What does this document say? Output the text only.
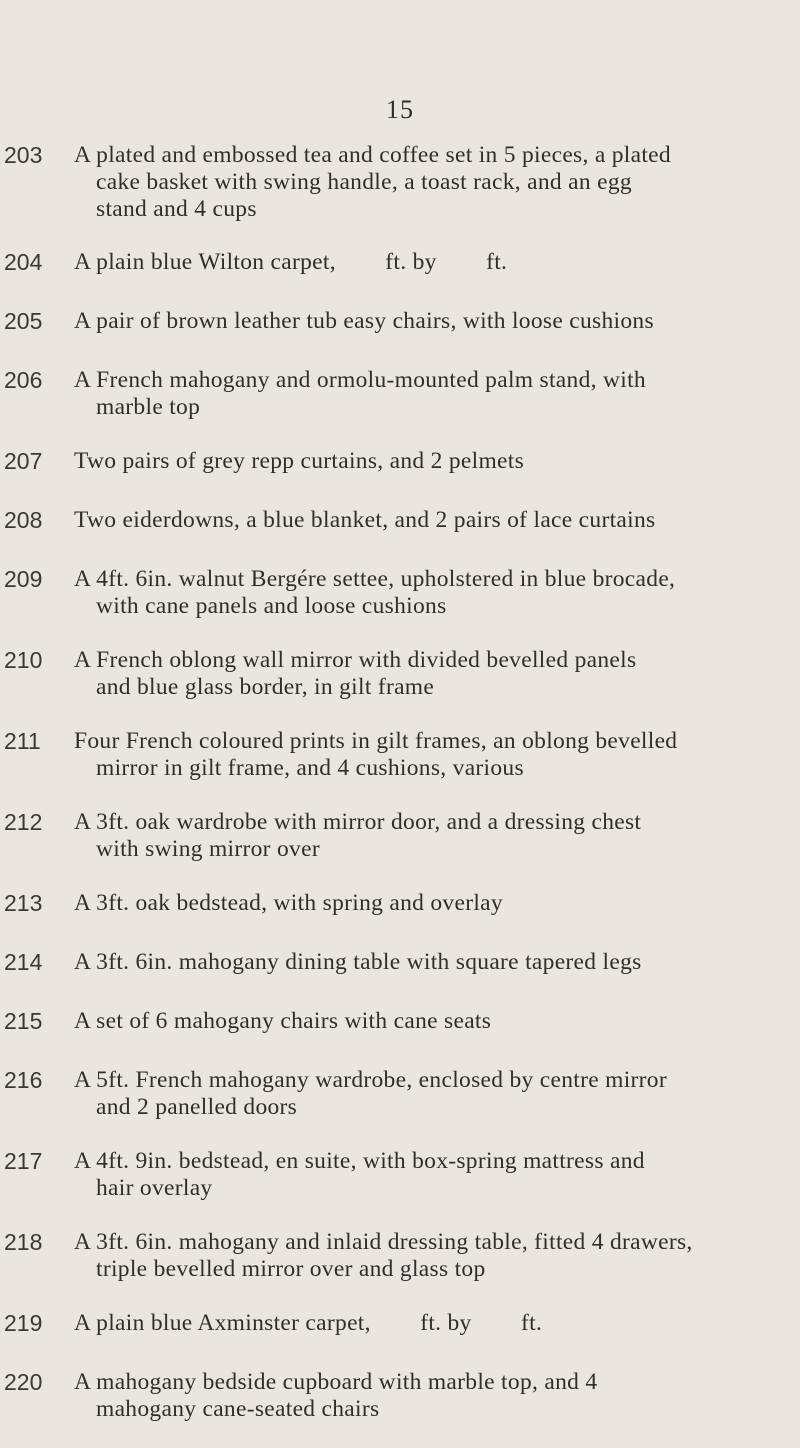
15
203	A plated and embossed tea and coffee set in 5 pieces, a plated
cake basket with swing handle, a toast rack, and an egg
stand and 4 cups
204	A plain blue Wilton carpet,        ft. by        ft.
205	A pair of brown leather tub easy chairs, with loose cushions
206	A French mahogany and ormolu-mounted palm stand, with
marble top
207	Two pairs of grey repp curtains, and 2 pelmets
208	Two eiderdowns, a blue blanket, and 2 pairs of lace curtains
209	A 4ft. 6in. walnut Bergére settee, upholstered in blue brocade,
with cane panels and loose cushions
210	A French oblong wall mirror with divided bevelled panels
and blue glass border, in gilt frame
211	Four French coloured prints in gilt frames, an oblong bevelled
mirror in gilt frame, and 4 cushions, various
212	A 3ft. oak wardrobe with mirror door, and a dressing chest
with swing mirror over
213	A 3ft. oak bedstead, with spring and overlay
214	A 3ft. 6in. mahogany dining table with square tapered legs
215	A set of 6 mahogany chairs with cane seats
216	A 5ft. French mahogany wardrobe, enclosed by centre mirror
and 2 panelled doors
217	A 4ft. 9in. bedstead, en suite, with box-spring mattress and
hair overlay
218	A 3ft. 6in. mahogany and inlaid dressing table, fitted 4 drawers,
triple bevelled mirror over and glass top
219	A plain blue Axminster carpet,        ft. by        ft.
220	A mahogany bedside cupboard with marble top, and 4
mahogany cane-seated chairs
